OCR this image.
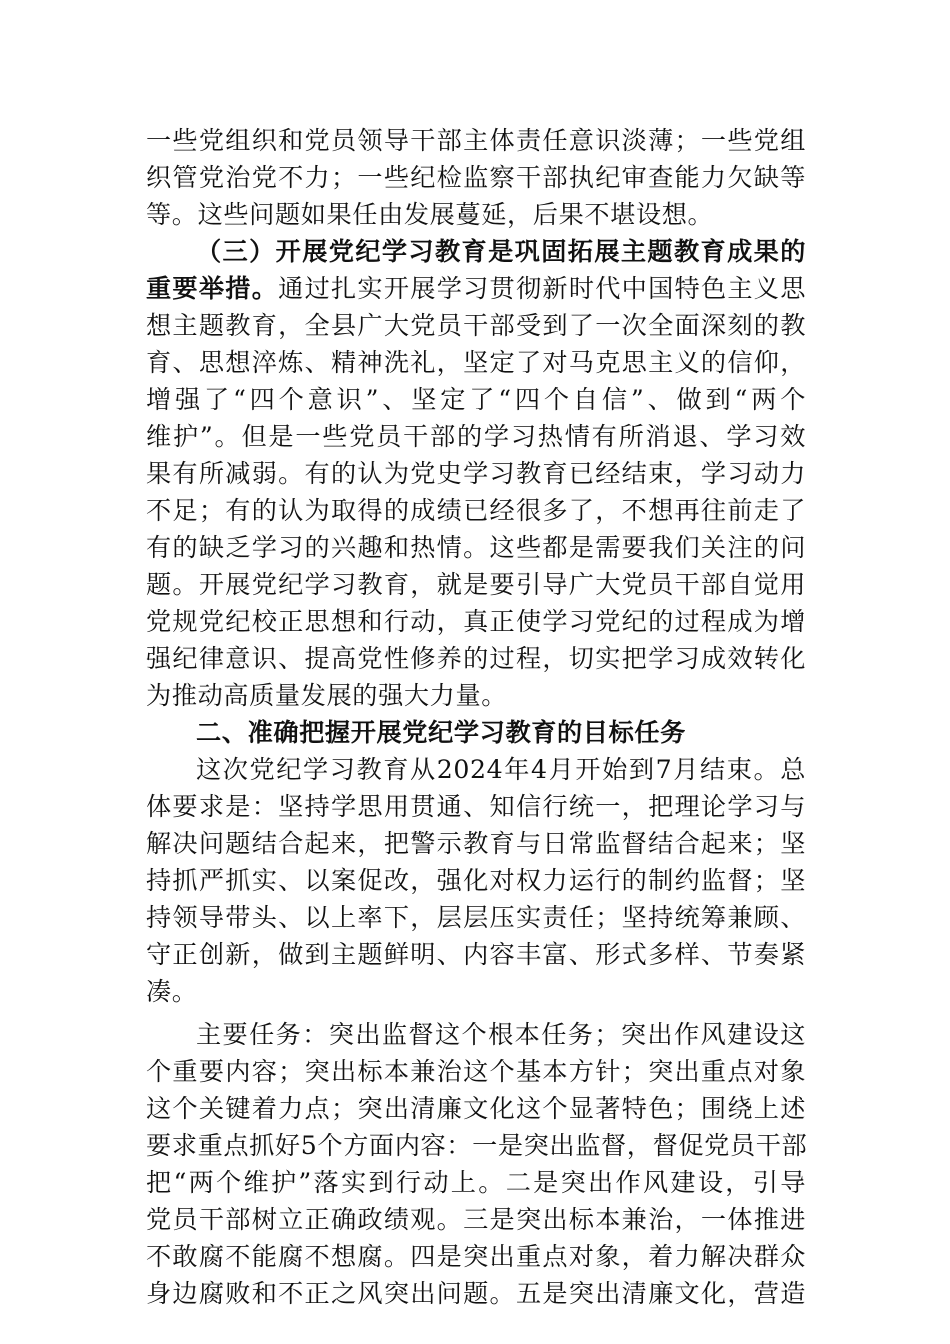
一些党组织和党员领导干部主体责任意识淡薄；一些党组
织管党治党不力；一些纪检监察干部执纪审查能力欠缺等
等。这些问题如果任由发展蔓延，后果不堪设想。
（三）开展党纪学习教育是巩固拓展主题教育成果的
重要举措。通过扎实开展学习贯彻新时代中国特色主义思
想主题教育，全县广大党员干部受到了一次全面深刻的教
育、思想淬炼、精神洗礼，坚定了对马克思主义的信仰，
增强了“四个意识”、坚定了“四个自信”、做到“两个
维护”。但是一些党员干部的学习热情有所消退、学习效
果有所减弱。有的认为党史学习教育已经结束，学习动力
不足；有的认为取得的成绩已经很多了，不想再往前走了
有的缺乏学习的兴趣和热情。这些都是需要我们关注的问
题。开展党纪学习教育，就是要引导广大党员干部自觉用
党规党纪校正思想和行动，真正使学习党纪的过程成为增
强纪律意识、提高党性修养的过程，切实把学习成效转化
为推动高质量发展的强大力量。
二、准确把握开展党纪学习教育的目标任务
这次党纪学习教育从2024年4月开始到7月结束。总
体要求是：坚持学思用贯通、知信行统一，把理论学习与
解决问题结合起来，把警示教育与日常监督结合起来；坚
持抓严抓实、以案促改，强化对权力运行的制约监督；坚
持领导带头、以上率下，层层压实责任；坚持统筹兼顾、
守正创新，做到主题鲜明、内容丰富、形式多样、节奏紧
凑。
主要任务：突出监督这个根本任务；突出作风建设这
个重要内容；突出标本兼治这个基本方针；突出重点对象
这个关键着力点；突出清廉文化这个显著特色；围绕上述
要求重点抓好5个方面内容：一是突出监督，督促党员干部
把“两个维护”落实到行动上。二是突出作风建设，引导
党员干部树立正确政绩观。三是突出标本兼治，一体推进
不敢腐不能腐不想腐。四是突出重点对象，着力解决群众
身边腐败和不正之风突出问题。五是突出清廉文化，营造
